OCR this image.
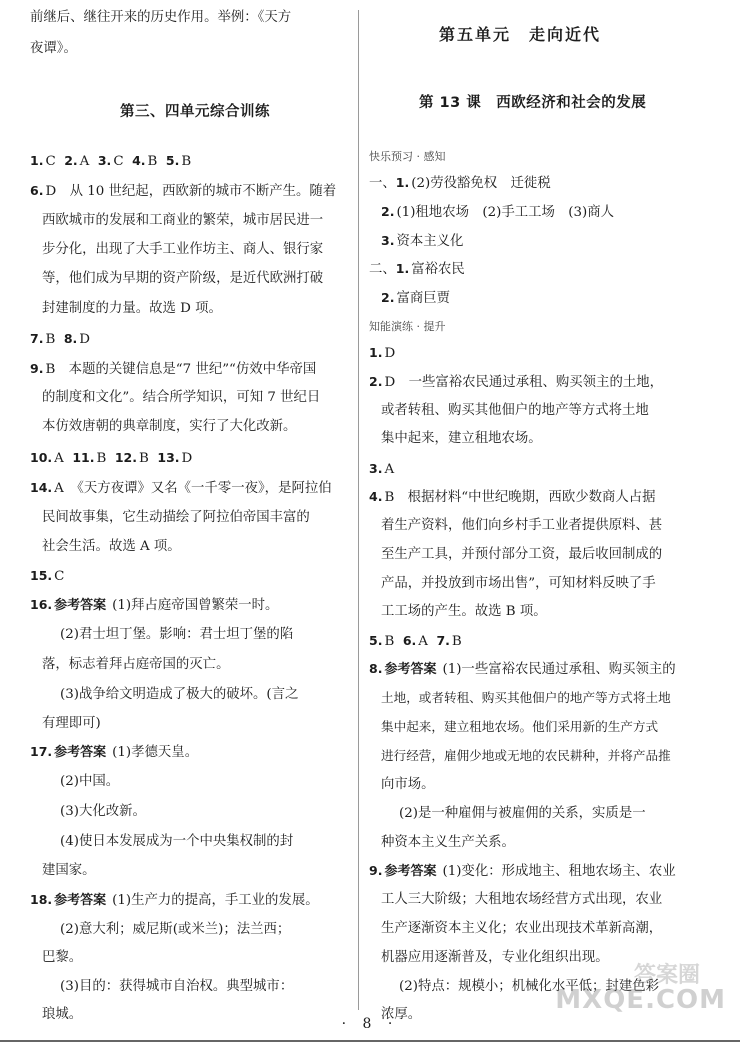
前继后、继往开来的历史作用。举例：《天方
夜谭》。
第三、四单元综合训练
1. C 2. A 3. C 4. B 5. B
6. D　从 10 世纪起，西欧新的城市不断产生。随着
西欧城市的发展和工商业的繁荣，城市居民进一
步分化，出现了大手工业作坊主、商人、银行家
等，他们成为早期的资产阶级，是近代欧洲打破
封建制度的力量。故选 D 项。
7. B 8. D
9. B　本题的关键信息是“7 世纪”“仿效中华帝国
的制度和文化”。结合所学知识，可知 7 世纪日
本仿效唐朝的典章制度，实行了大化改新。
10. A 11. B 12. B 13. D
14. A　《天方夜谭》又名《一千零一夜》，是阿拉伯
民间故事集，它生动描绘了阿拉伯帝国丰富的
社会生活。故选 A 项。
15. C
16. 参考答案 (1)拜占庭帝国曾繁荣一时。
(2)君士坦丁堡。影响：君士坦丁堡的陷
落，标志着拜占庭帝国的灭亡。
(3)战争给文明造成了极大的破坏。(言之
有理即可)
17. 参考答案 (1)孝德天皇。
(2)中国。
(3)大化改新。
(4)使日本发展成为一个中央集权制的封
建国家。
18. 参考答案 (1)生产力的提高，手工业的发展。
(2)意大利；威尼斯(或米兰)；法兰西；
巴黎。
(3)目的：获得城市自治权。典型城市：
琅城。
第五单元　走向近代
第 13 课　西欧经济和社会的发展
快乐预习 · 感知
一、1. (2)劳役豁免权　迁徙税
2. (1)租地农场　(2)手工工场　(3)商人
3. 资本主义化
二、1. 富裕农民
2. 富商巨贾
知能演练 · 提升
1. D
2. D　一些富裕农民通过承租、购买领主的土地，
或者转租、购买其他佃户的地产等方式将土地
集中起来，建立租地农场。
3. A
4. B　根据材料“中世纪晚期，西欧少数商人占据
着生产资料，他们向乡村手工业者提供原料、甚
至生产工具，并预付部分工资，最后收回制成的
产品，并投放到市场出售”，可知材料反映了手
工工场的产生。故选 B 项。
5. B 6. A 7. B
8. 参考答案 (1)一些富裕农民通过承租、购买领主的
土地，或者转租、购买其他佃户的地产等方式将土地
集中起来，建立租地农场。他们采用新的生产方式
进行经营，雇佣少地或无地的农民耕种，并将产品推
向市场。
(2)是一种雇佣与被雇佣的关系，实质是一
种资本主义生产关系。
9. 参考答案 (1)变化：形成地主、租地农场主、农业
工人三大阶级；大租地农场经营方式出现，农业
生产逐渐资本主义化；农业出现技术革新高潮，
机器应用逐渐普及，专业化组织出现。
(2)特点：规模小；机械化水平低；封建色彩
浓厚。
答案圈
MXQE.COM
· 8 ·
